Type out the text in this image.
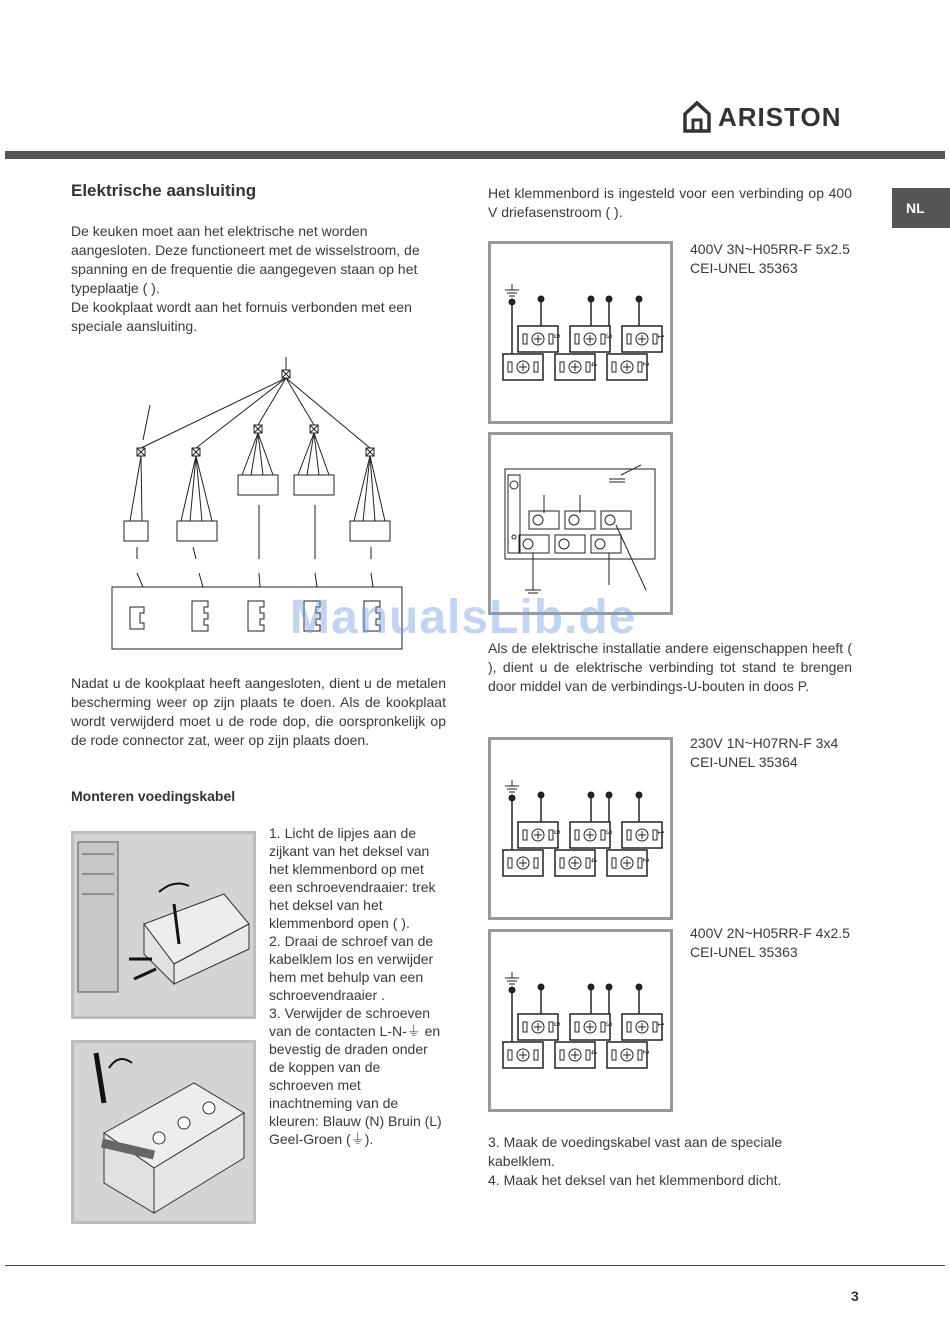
ARISTON
NL
Elektrische aansluiting

De keuken moet aan het elektrische net worden aangesloten. Deze functioneert met de wisselstroom, de spanning en de frequentie die aangegeven staan op het typeplaatje ( ).

De kookplaat wordt aan het fornuis verbonden met een speciale aansluiting.

Nadat u de kookplaat heeft aangesloten, dient u de metalen bescherming weer op zijn plaats te doen. Als de kookplaat wordt verwijderd moet u de rode dop, die oorspronkelijk op de rode connector zat, weer op zijn plaats doen.

Monteren voedingskabel

1. Licht de lipjes aan de zijkant van het deksel van het klemmenbord op met een schroevendraaier: trek het deksel van het klemmenbord open ( ).

2. Draai de schroef van de kabelklem los en verwijder hem met behulp van een schroevendraaier .

3. Verwijder de schroeven van de contacten L-N-⏚ en bevestig de draden onder de koppen van de schroeven met inachtneming van de kleuren: Blauw (N) Bruin (L) Geel-Groen (⏚).

Het klemmenbord is ingesteld voor een verbinding op 400 V driefasenstroom ( ).

5	3	1
4	2
400V 3N~H05RR-F 5x2.5 CEI-UNEL 35363
ManualsLib.de

Als de elektrische installatie andere eigenschappen heeft ( ), dient u de elektrische verbinding tot stand te brengen door middel van de verbindings-U-bouten in doos P.

5	3	1
4	2
230V 1N~H07RN-F 3x4 CEI-UNEL 35364
5	3	1
4	2
400V 2N~H05RR-F 4x2.5 CEI-UNEL 35363

3. Maak de voedingskabel vast aan de speciale kabelklem.

4. Maak het deksel van het klemmenbord dicht.

3
